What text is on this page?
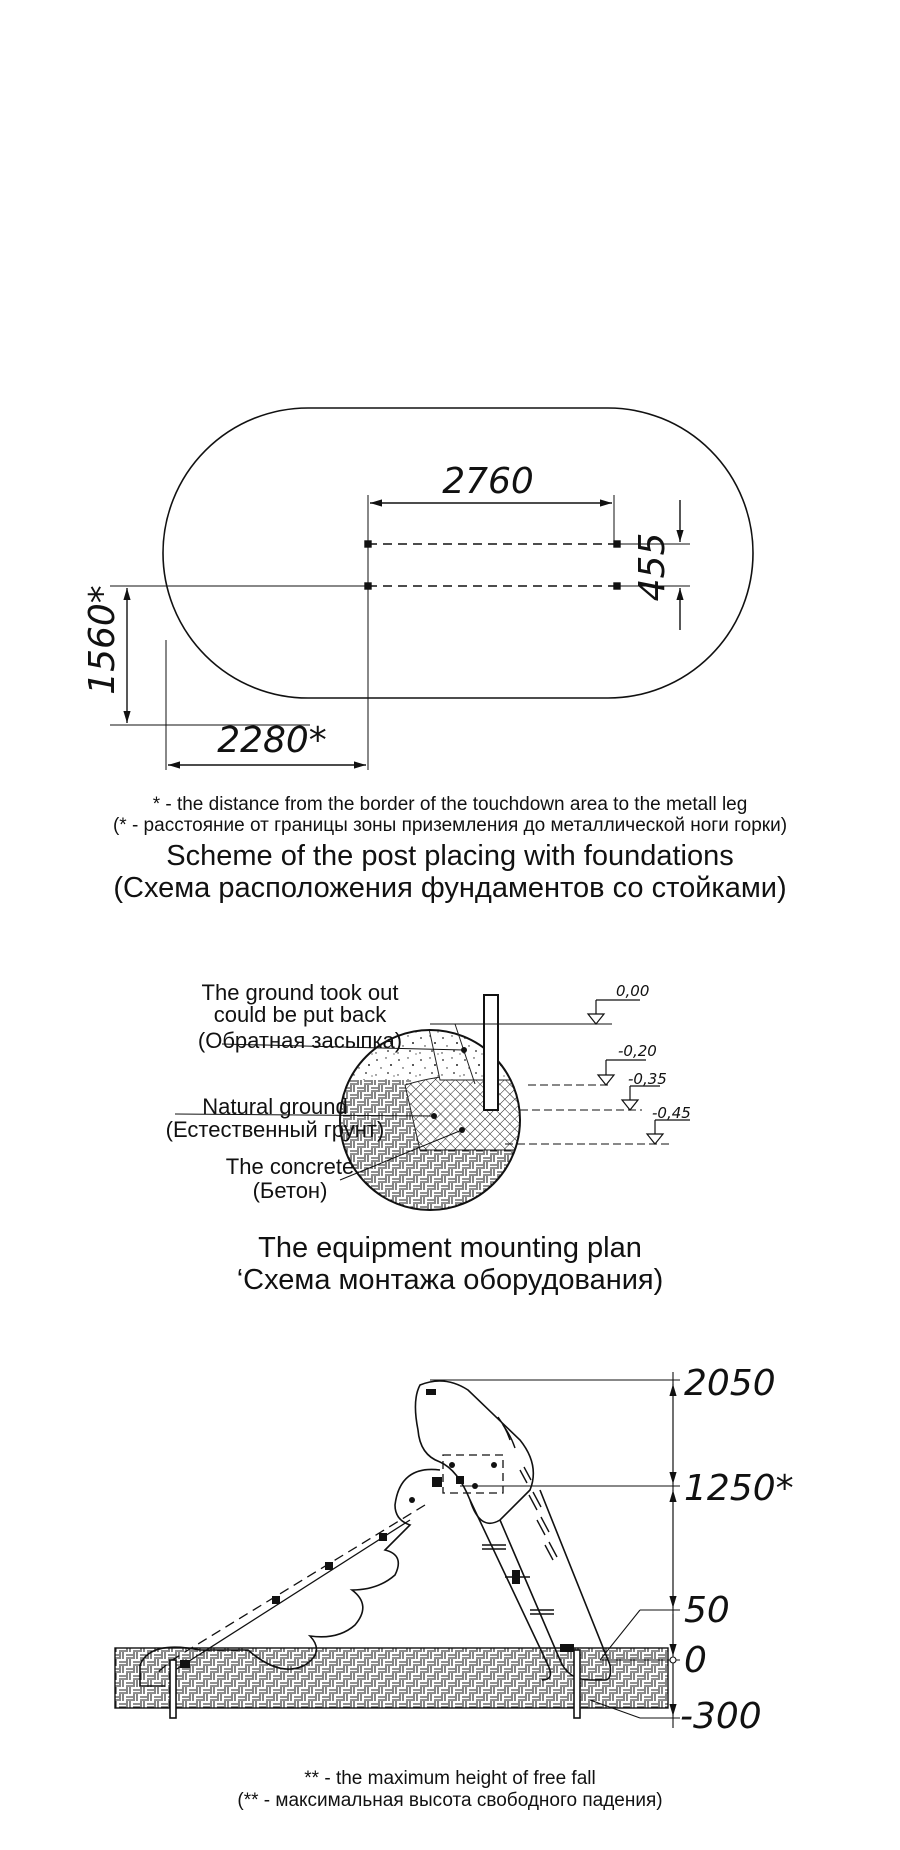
2760
455
1560*
2280*
0,00
-0,20
-0,35
-0,45
2050
1250*
50
0
-300
* - the distance from the border of the touchdown area to the metall leg
(* - расстояние от границы зоны приземления до металлической ноги горки)
Scheme of the post placing with foundations
(Схема расположения фундаментов со стойками)
The ground took out
could be put back
(Обратная засыпка)
Natural ground
(Естественный грунт)
The concrete
(Бетон)
The equipment mounting plan
‘Схема монтажа оборудования)
** - the maximum height of free fall
(** - максимальная высота свободного падения)
